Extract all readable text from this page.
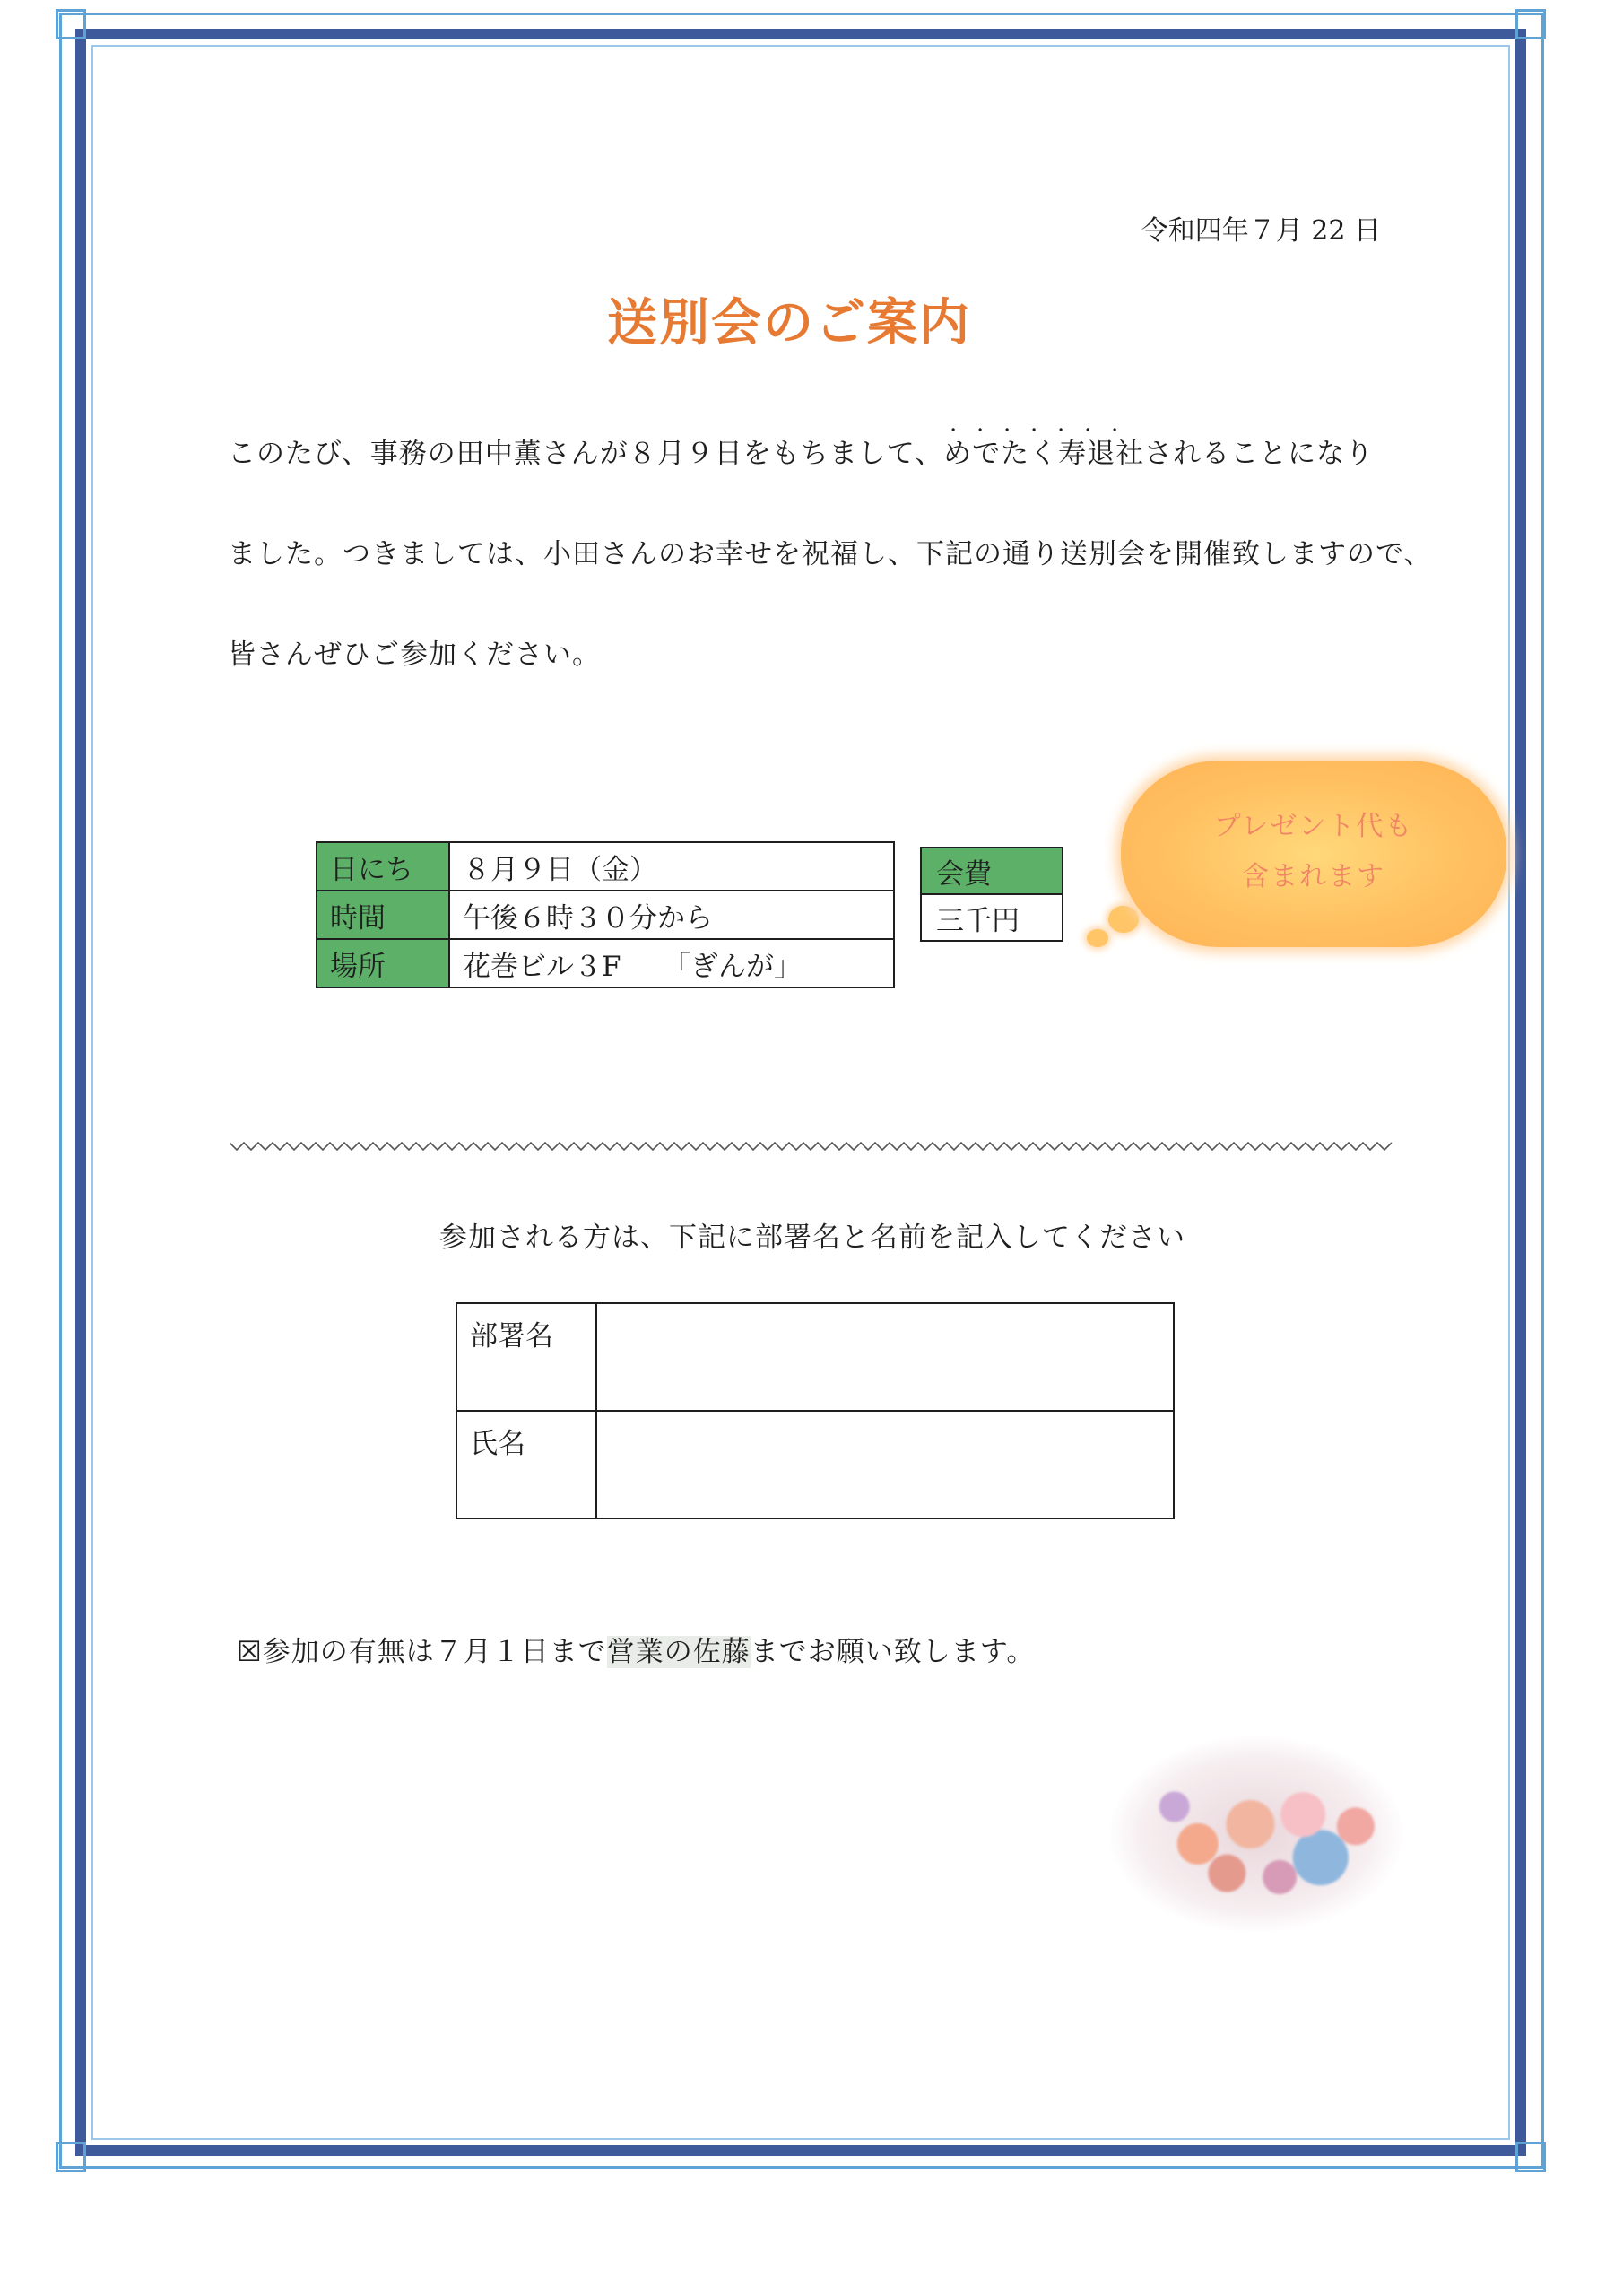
令和四年７月 22 日
送別会のご案内
このたび、事務の田中薫さんが８月９日をもちまして、・・・・・・・ めでたく寿退社されることになり
ました。つきましては、小田さんのお幸せを祝福し、下記の通り送別会を開催致しますので、
皆さんぜひご参加ください。
日にち	８月９日（金）
時間	午後６時３０分から
場所	花巻ビル３F　　「ぎんが」
会費
三千円
プレゼント代も
含まれます
参加される方は、下記に部署名と名前を記入してください
部署名	
氏名	
☒参加の有無は７月１日まで営業の佐藤までお願い致します。
